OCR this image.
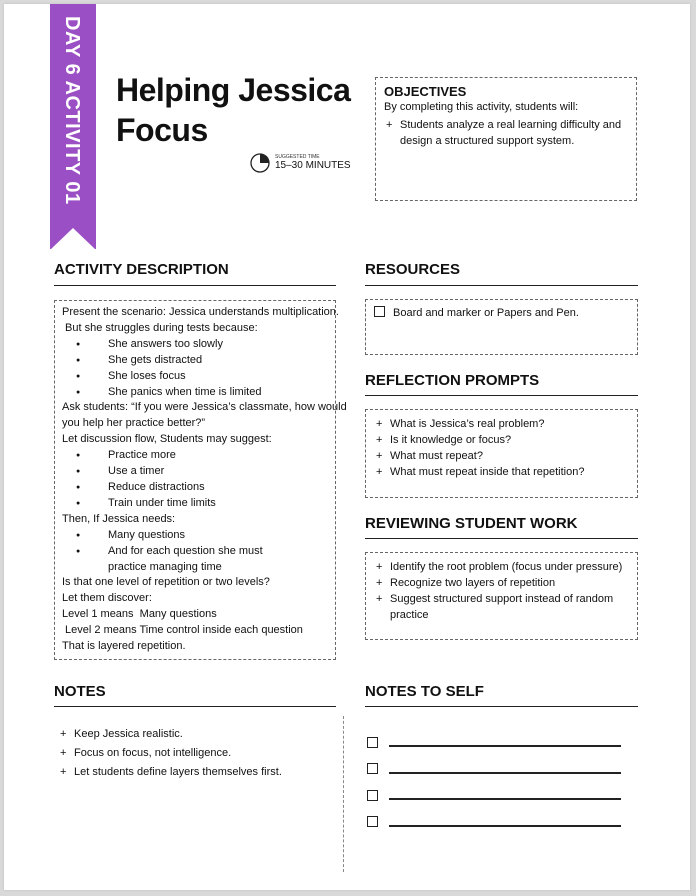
DAY 6 ACTIVITY 01 Helping Jessica
Focus
SUGGESTED TIME
15–30 MINUTES
OBJECTIVES

By completing this activity, students will:

+ Students analyze a real learning difficulty and design a structured support system.
ACTIVITY DESCRIPTION
Present the scenario: Jessica understands multiplication.
But she struggles during tests because:
● She answers too slowly
● She gets distracted
● She loses focus
● She panics when time is limited
Ask students: “If you were Jessica’s classmate, how would
you help her practice better?”
Let discussion flow, Students may suggest:
● Practice more
● Use a timer
● Reduce distractions
● Train under time limits
Then, If Jessica needs:
● Many questions
● And for each question she must practice managing time
Is that one level of repetition or two levels?
Let them discover:
Level 1 means  Many questions
Level 2 means Time control inside each question
That is layered repetition.
RESOURCES
Board and marker or Papers and Pen.
REFLECTION PROMPTS
+ What is Jessica’s real problem?
+ Is it knowledge or focus?
+ What must repeat?
+ What must repeat inside that repetition?
REVIEWING STUDENT WORK
+ Identify the root problem (focus under pressure)
+ Recognize two layers of repetition
+ Suggest structured support instead of random practice
NOTES
+ Keep Jessica realistic.
+ Focus on focus, not intelligence.
+ Let students define layers themselves first.
NOTES TO SELF
